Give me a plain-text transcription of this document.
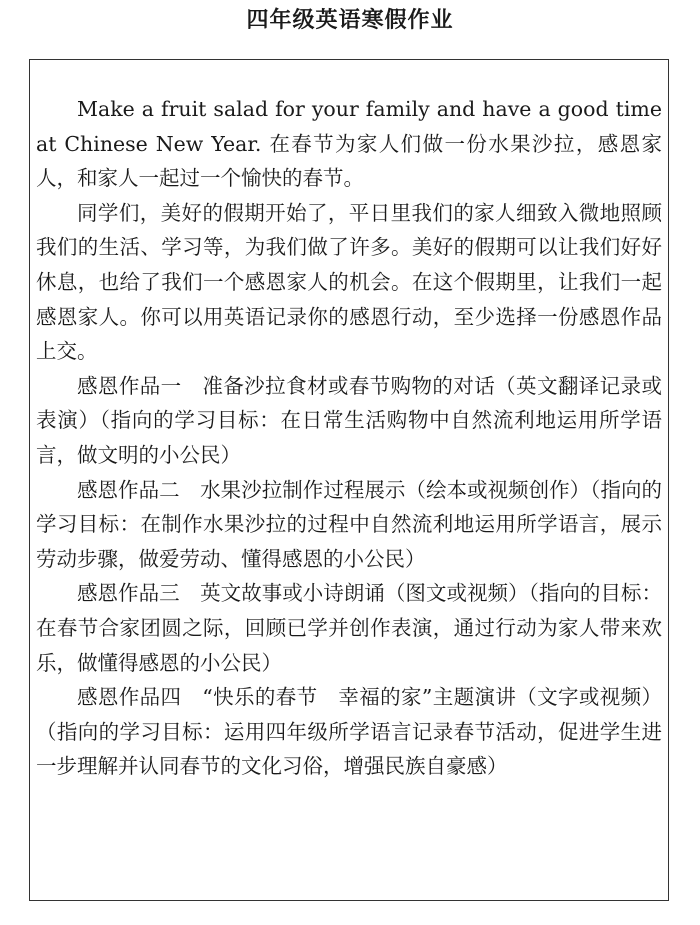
四年级英语寒假作业

Make a fruit salad for your family and have a good time at Chinese New Year. 在春节为家人们做一份水果沙拉，感恩家人，和家人一起过一个愉快的春节。

同学们，美好的假期开始了，平日里我们的家人细致入微地照顾我们的生活、学习等，为我们做了许多。美好的假期可以让我们好好休息，也给了我们一个感恩家人的机会。在这个假期里，让我们一起感恩家人。你可以用英语记录你的感恩行动，至少选择一份感恩作品上交。

感恩作品一　准备沙拉食材或春节购物的对话（英文翻译记录或表演）（指向的学习目标：在日常生活购物中自然流利地运用所学语言，做文明的小公民）

感恩作品二　水果沙拉制作过程展示（绘本或视频创作）（指向的学习目标：在制作水果沙拉的过程中自然流利地运用所学语言，展示劳动步骤，做爱劳动、懂得感恩的小公民）

感恩作品三　英文故事或小诗朗诵（图文或视频）（指向的目标：在春节合家团圆之际，回顾已学并创作表演，通过行动为家人带来欢乐，做懂得感恩的小公民）

感恩作品四　“快乐的春节　幸福的家”主题演讲（文字或视频）（指向的学习目标：运用四年级所学语言记录春节活动，促进学生进一步理解并认同春节的文化习俗，增强民族自豪感）
